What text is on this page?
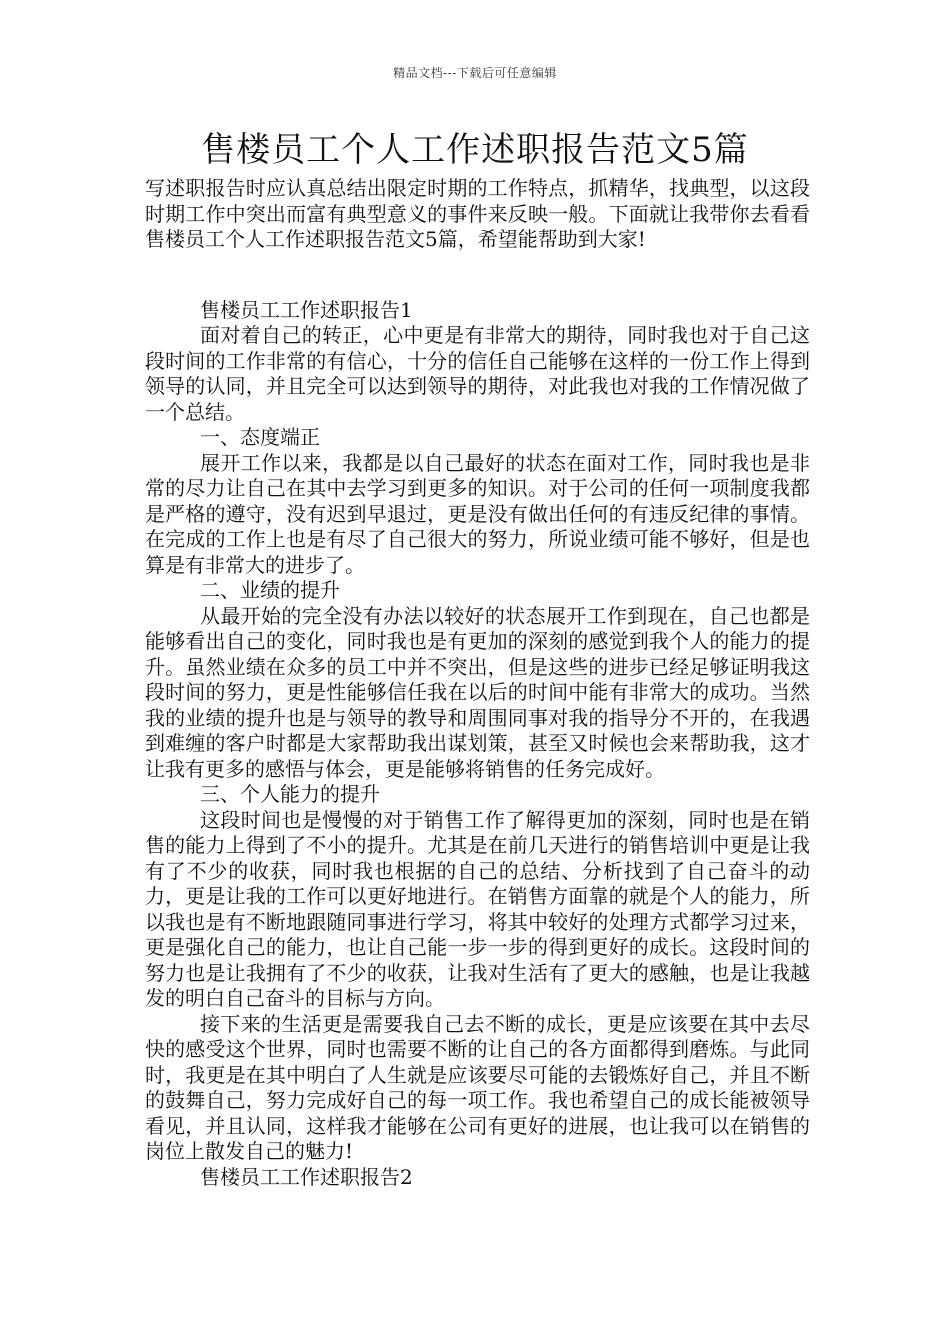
精品文档---下载后可任意编辑
售楼员工个人工作述职报告范文5篇

写述职报告时应认真总结出限定时期的工作特点，抓精华，找典型，以这段时期工作中突出而富有典型意义的事件来反映一般。下面就让我带你去看看售楼员工个人工作述职报告范文5篇，希望能帮助到大家!

售楼员工工作述职报告1

面对着自己的转正，心中更是有非常大的期待，同时我也对于自己这段时间的工作非常的有信心，十分的信任自己能够在这样的一份工作上得到领导的认同，并且完全可以达到领导的期待，对此我也对我的工作情况做了一个总结。

一、态度端正

展开工作以来，我都是以自己最好的状态在面对工作，同时我也是非常的尽力让自己在其中去学习到更多的知识。对于公司的任何一项制度我都是严格的遵守，没有迟到早退过，更是没有做出任何的有违反纪律的事情。在完成的工作上也是有尽了自己很大的努力，所说业绩可能不够好，但是也算是有非常大的进步了。

二、业绩的提升

从最开始的完全没有办法以较好的状态展开工作到现在，自己也都是能够看出自己的变化，同时我也是有更加的深刻的感觉到我个人的能力的提升。虽然业绩在众多的员工中并不突出，但是这些的进步已经足够证明我这段时间的努力，更是性能够信任我在以后的时间中能有非常大的成功。当然我的业绩的提升也是与领导的教导和周围同事对我的指导分不开的，在我遇到难缠的客户时都是大家帮助我出谋划策，甚至又时候也会来帮助我，这才让我有更多的感悟与体会，更是能够将销售的任务完成好。

三、个人能力的提升

这段时间也是慢慢的对于销售工作了解得更加的深刻，同时也是在销售的能力上得到了不小的提升。尤其是在前几天进行的销售培训中更是让我有了不少的收获，同时我也根据的自己的总结、分析找到了自己奋斗的动力，更是让我的工作可以更好地进行。在销售方面靠的就是个人的能力，所以我也是有不断地跟随同事进行学习，将其中较好的处理方式都学习过来，更是强化自己的能力，也让自己能一步一步的得到更好的成长。这段时间的努力也是让我拥有了不少的收获，让我对生活有了更大的感触，也是让我越发的明白自己奋斗的目标与方向。

接下来的生活更是需要我自己去不断的成长，更是应该要在其中去尽快的感受这个世界，同时也需要不断的让自己的各方面都得到磨炼。与此同时，我更是在其中明白了人生就是应该要尽可能的去锻炼好自己，并且不断的鼓舞自己，努力完成好自己的每一项工作。我也希望自己的成长能被领导看见，并且认同，这样我才能够在公司有更好的进展，也让我可以在销售的岗位上散发自己的魅力!

售楼员工工作述职报告2
